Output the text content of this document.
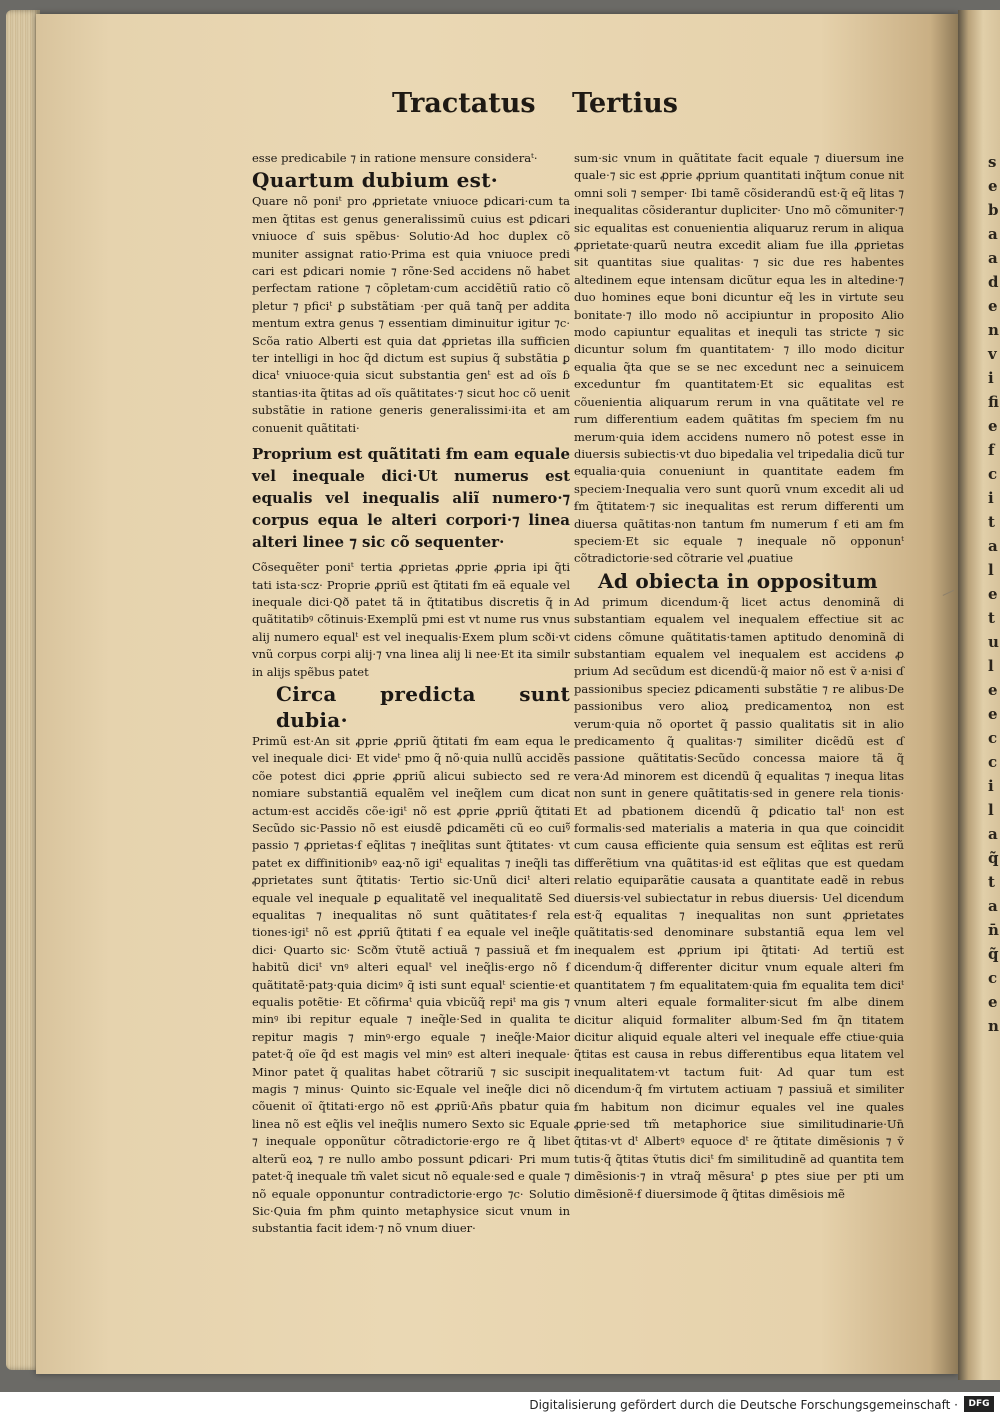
se ba ad en vi fi ef ci ta le tu le ec ci la q̃ ta n̄ q̃ c e n
Tractatus Tertius
esse predicabile ⁊ in ratione mensure consideraᵗ·
Quartum dubium est·
Quare nõ poniᵗ pro ꝓprietate vniuoce ꝑdicari·cum ta men q̃titas est genus generalissimũ cuius est ꝑdicari vniuoce ɗ suis spẽbus· Solutio·Ad hoc duplex cõ muniter assignat ratio·Prima est quia vniuoce predi cari est ꝑdicari nomie ⁊ rõne·Sed accidens nõ habet perfectam ratione ⁊ cõpletam·cum accidẽtiũ ratio cõ pletur ⁊ pficiᵗ ꝑ substãtiam ·per quã tanq̃ per addita mentum extra genus ⁊ essentiam diminuitur igitur ⁊c· Scõa ratio Alberti est quia dat ꝓprietas illa sufficien ter intelligi in hoc q̃d dictum est supius q̃ substãtia ꝑ dicaᵗ vniuoce·quia sicut substantia genᵗ est ad oĩs ɓ stantias·ita q̃titas ad oĩs quãtitates·⁊ sicut hoc cõ uenit substãtie in ratione generis generalissimi·ita et am conuenit quãtitati·
Proprium est quãtitati ẜm eam equale vel inequale dici·Ut numerus est equalis vel inequalis aliĩ numero·⁊ corpus equa le alteri corpori·⁊ linea alteri linee ⁊ sic cõ sequenter·
Cõsequẽter poniᵗ tertia ꝓprietas ꝓprie ꝓpria ipi q̃ti tati ista·scz· Proprie ꝓpriũ est q̃titati ẜm eã equale vel inequale dici·Qð patet tã in q̃titatibus discretis q̃ in quãtitatibꝰ cõtinuis·Exemplũ pmi est vt nume rus vnus alij numero equalᵗ est vel inequalis·Exem plum scði·vt vnũ corpus corpi alij·⁊ vna linea alij li nee·Et ita similr in alijs spẽbus patet
Circa predicta sunt dubia·
Primũ est·An sit ꝓprie ꝓpriũ q̃titati ẜm eam equa le vel inequale dici· Et videᵗ pmo q̃ nõ·quia nullũ accidẽs cõe potest dici ꝓprie ꝓpriũ alicui subiecto sed re nomiare substantiã equalẽm vel ineq̃lem cum dicat actum·est accidẽs cõe·igiᵗ nõ est ꝓprie ꝓpriũ q̃titati Secũdo sic·Passio nõ est eiusdẽ ꝑdicamẽti cũ eo cuiꝰ̃ passio ⁊ ꝓprietas·ẜ eq̃litas ⁊ ineq̃litas sunt q̃titates· vt patet ex diffinitionibꝰ eaꝝ·nõ igiᵗ equalitas ⁊ ineq̃li tas ꝓprietates sunt q̃titatis· Tertio sic·Unũ diciᵗ alteri equale vel inequale ꝑ equalitatẽ vel inequalitatẽ Sed equalitas ⁊ inequalitas nõ sunt quãtitates·ẜ rela tiones·igiᵗ nõ est ꝓpriũ q̃titati ẜ ea equale vel ineq̃le dici· Quarto sic· Scðm ṽtutẽ actiuã ⁊ passiuã et ẜm habitũ diciᵗ vnꝰ alteri equalᵗ vel ineq̃lis·ergo nõ ẜ quãtitatẽ·patȝ·quia dicimꝰ q̃ isti sunt equalᵗ scientie·et equalis potẽtie· Et cõfirmaᵗ quia vbicũq̃ repiᵗ ma gis ⁊ minꝰ ibi repitur equale ⁊ ineq̃le·Sed in qualita te repitur magis ⁊ minꝰ·ergo equale ⁊ ineq̃le·Maior patet·q̃ oĩe q̃d est magis vel minꝰ est alteri inequale· Minor patet q̃ qualitas habet cõtrariũ ⁊ sic suscipit magis ⁊ minus· Quinto sic·Equale vel ineq̃le dici nõ cõuenit oĩ q̃titati·ergo nõ est ꝓpriũ·Añs pbatur quia linea nõ est eq̃lis vel ineq̃lis numero Sexto sic Equale ⁊ inequale opponũtur cõtradictorie·ergo re q̃ libet alterũ eoꝝ ⁊ re nullo ambo possunt ꝑdicari· Pri mum patet·q̃ inequale tm̃ valet sicut nõ equale·sed e quale ⁊ nõ equale opponuntur contradictorie·ergo ⁊c· Solutio Sic·Quia ẜm pħm quinto metaphysice sicut vnum in substantia facit idem·⁊ nõ vnum diuer·
sum·sic vnum in quãtitate facit equale ⁊ diuersum ine quale·⁊ sic est ꝓprie ꝓprium quantitati inq̃tum conue nit omni soli ⁊ semper· Ibi tamẽ cõsiderandũ est·q̃ eq̃ litas ⁊ inequalitas cõsiderantur dupliciter· Uno mõ cõmuniter·⁊ sic equalitas est conuenientia aliquaruz rerum in aliqua ꝓprietate·quarũ neutra excedit aliam fue illa ꝓprietas sit quantitas siue qualitas· ⁊ sic due res habentes altedinem eque intensam dicũtur equa les in altedine·⁊ duo homines eque boni dicuntur eq̃ les in virtute seu bonitate·⁊ illo modo nõ accipiuntur in proposito Alio modo capiuntur equalitas et inequli tas stricte ⁊ sic dicuntur solum ẜm quantitatem· ⁊ illo modo dicitur equalia q̃ta que se se nec excedunt nec a seinuicem exceduntur ẜm quantitatem·Et sic equalitas est cõuenientia aliquarum rerum in vna quãtitate vel re rum differentium eadem quãtitas ẜm speciem ẜm nu merum·quia idem accidens numero nõ potest esse in diuersis subiectis·vt duo bipedalia vel tripedalia dicũ tur equalia·quia conueniunt in quantitate eadem ẜm speciem·Inequalia vero sunt quorũ vnum excedit ali ud ẜm q̃titatem·⁊ sic inequalitas est rerum differenti um diuersa quãtitas·non tantum ẜm numerum ẜ eti am ẜm speciem·Et sic equale ⁊ inequale nõ opponunᵗ cõtradictorie·sed cõtrarie vel ꝓuatiue
Ad obiecta in oppositum
Ad primum dicendum·q̃ licet actus denominã di substantiam equalem vel inequalem effectiue sit ac cidens cõmune quãtitatis·tamen aptitudo denominã di substantiam equalem vel inequalem est accidens ꝓ prium Ad secũdum est dicendũ·q̃ maior nõ est ṽ a·nisi ɗ passionibus speciez ꝑdicamenti substãtie ⁊ re alibus·De passionibus vero alioꝝ predicamentoꝝ non est verum·quia nõ oportet q̃ passio qualitatis sit in alio predicamento q̃ qualitas·⁊ similiter dicẽdũ est ɗ passione quãtitatis·Secũdo concessa maiore tã q̃ vera·Ad minorem est dicendũ q̃ equalitas ⁊ inequa litas non sunt in genere quãtitatis·sed in genere rela tionis· Et ad pbationem dicendũ q̃ ꝑdicatio talᵗ non est formalis·sed materialis a materia in qua que coincidit cum causa efficiente quia sensum est eq̃litas est rerũ differẽtium vna quãtitas·id est eq̃litas que est quedam relatio equiparãtie causata a quantitate eadẽ in rebus diuersis·vel subiectatur in rebus diuersis· Uel dicendum est·q̃ equalitas ⁊ inequalitas non sunt ꝓprietates quãtitatis·sed denominare substantiã equa lem vel inequalem est ꝓprium ipi q̃titati· Ad tertiũ est dicendum·q̃ differenter dicitur vnum equale alteri ẜm quantitatem ⁊ ẜm equalitatem·quia ẜm equalita tem diciᵗ vnum alteri equale formaliter·sicut ẜm albe dinem dicitur aliquid formaliter album·Sed ẜm q̃n titatem dicitur aliquid equale alteri vel inequale effe ctiue·quia q̃titas est causa in rebus differentibus equa litatem vel inequalitatem·vt tactum fuit· Ad quar tum est dicendum·q̃ ẜm virtutem actiuam ⁊ passiuã et similiter ẜm habitum non dicimur equales vel ine quales ꝓprie·sed tm̃ metaphorice siue similitudinarie·Un̄ q̃titas·vt dᵗ Albertꝰ equoce dᵗ re q̃titate dimẽsionis ⁊ ṽ tutis·q̃ q̃titas ṽtutis diciᵗ ẜm similitudinẽ ad quantita tem dimẽsionis·⁊ in vtraq̃ mẽsuraᵗ ꝑ ptes siue per pti um dimẽsionẽ·ẜ diuersimode q̃ q̃titas dimẽsiois mẽ
Digitalisierung gefördert durch die Deutsche Forschungsgemeinschaft ·	DFG
